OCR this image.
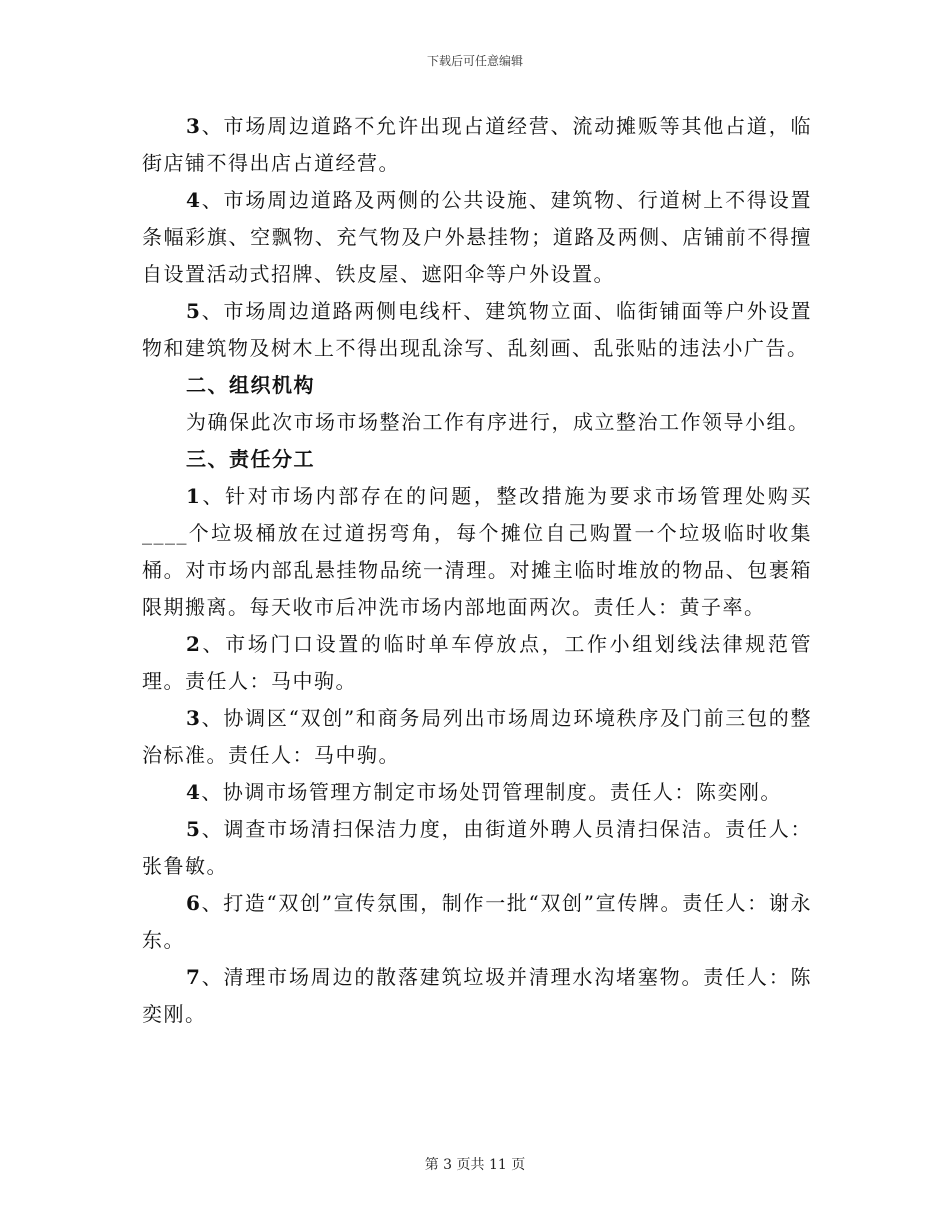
下载后可任意编辑

3、市场周边道路不允许出现占道经营、流动摊贩等其他占道，临街店铺不得出店占道经营。

4、市场周边道路及两侧的公共设施、建筑物、行道树上不得设置条幅彩旗、空飘物、充气物及户外悬挂物；道路及两侧、店铺前不得擅自设置活动式招牌、铁皮屋、遮阳伞等户外设置。

5、市场周边道路两侧电线杆、建筑物立面、临街铺面等户外设置物和建筑物及树木上不得出现乱涂写、乱刻画、乱张贴的违法小广告。

二、组织机构

为确保此次市场市场整治工作有序进行，成立整治工作领导小组。

三、责任分工

1、针对市场内部存在的问题，整改措施为要求市场管理处购买____个垃圾桶放在过道拐弯角，每个摊位自己购置一个垃圾临时收集桶。对市场内部乱悬挂物品统一清理。对摊主临时堆放的物品、包裹箱限期搬离。每天收市后冲洗市场内部地面两次。责任人：黄子率。

2、市场门口设置的临时单车停放点，工作小组划线法律规范管理。责任人：马中驹。

3、协调区“双创”和商务局列出市场周边环境秩序及门前三包的整治标准。责任人：马中驹。

4、协调市场管理方制定市场处罚管理制度。责任人：陈奕刚。

5、调查市场清扫保洁力度，由街道外聘人员清扫保洁。责任人：张鲁敏。

6、打造“双创”宣传氛围，制作一批“双创”宣传牌。责任人：谢永东。

7、清理市场周边的散落建筑垃圾并清理水沟堵塞物。责任人：陈奕刚。

第 3 页共 11 页
